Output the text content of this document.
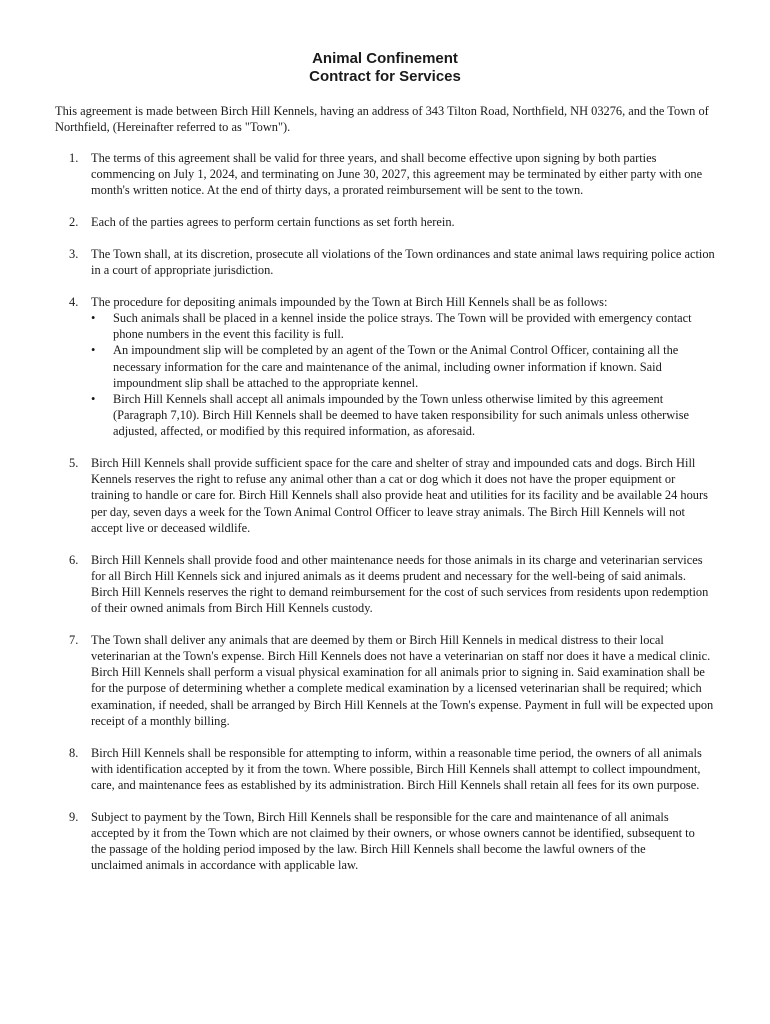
Animal Confinement
Contract for Services
This agreement is made between Birch Hill Kennels, having an address of 343 Tilton Road, Northfield, NH 03276, and the Town of Northfield, (Hereinafter referred to as "Town").
1. The terms of this agreement shall be valid for three years, and shall become effective upon signing by both parties commencing on July 1, 2024, and terminating on June 30, 2027, this agreement may be terminated by either party with one month's written notice. At the end of thirty days, a prorated reimbursement will be sent to the town.
2. Each of the parties agrees to perform certain functions as set forth herein.
3. The Town shall, at its discretion, prosecute all violations of the Town ordinances and state animal laws requiring police action in a court of appropriate jurisdiction.
4. The procedure for depositing animals impounded by the Town at Birch Hill Kennels shall be as follows:
• Such animals shall be placed in a kennel inside the police strays. The Town will be provided with emergency contact phone numbers in the event this facility is full.
• An impoundment slip will be completed by an agent of the Town or the Animal Control Officer, containing all the necessary information for the care and maintenance of the animal, including owner information if known. Said impoundment slip shall be attached to the appropriate kennel.
• Birch Hill Kennels shall accept all animals impounded by the Town unless otherwise limited by this agreement (Paragraph 7,10). Birch Hill Kennels shall be deemed to have taken responsibility for such animals unless otherwise adjusted, affected, or modified by this required information, as aforesaid.
5. Birch Hill Kennels shall provide sufficient space for the care and shelter of stray and impounded cats and dogs. Birch Hill Kennels reserves the right to refuse any animal other than a cat or dog which it does not have the proper equipment or training to handle or care for. Birch Hill Kennels shall also provide heat and utilities for its facility and be available 24 hours per day, seven days a week for the Town Animal Control Officer to leave stray animals. The Birch Hill Kennels will not accept live or deceased wildlife.
6. Birch Hill Kennels shall provide food and other maintenance needs for those animals in its charge and veterinarian services for all Birch Hill Kennels sick and injured animals as it deems prudent and necessary for the well-being of said animals. Birch Hill Kennels reserves the right to demand reimbursement for the cost of such services from residents upon redemption of their owned animals from Birch Hill Kennels custody.
7. The Town shall deliver any animals that are deemed by them or Birch Hill Kennels in medical distress to their local veterinarian at the Town's expense. Birch Hill Kennels does not have a veterinarian on staff nor does it have a medical clinic. Birch Hill Kennels shall perform a visual physical examination for all animals prior to signing in. Said examination shall be for the purpose of determining whether a complete medical examination by a licensed veterinarian shall be required; which examination, if needed, shall be arranged by Birch Hill Kennels at the Town's expense. Payment in full will be expected upon receipt of a monthly billing.
8. Birch Hill Kennels shall be responsible for attempting to inform, within a reasonable time period, the owners of all animals with identification accepted by it from the town. Where possible, Birch Hill Kennels shall attempt to collect impoundment, care, and maintenance fees as established by its administration. Birch Hill Kennels shall retain all fees for its own purpose.
9. Subject to payment by the Town, Birch Hill Kennels shall be responsible for the care and maintenance of all animals accepted by it from the Town which are not claimed by their owners, or whose owners cannot be identified, subsequent to the passage of the holding period imposed by the law. Birch Hill Kennels shall become the lawful owners of the unclaimed animals in accordance with applicable law.
